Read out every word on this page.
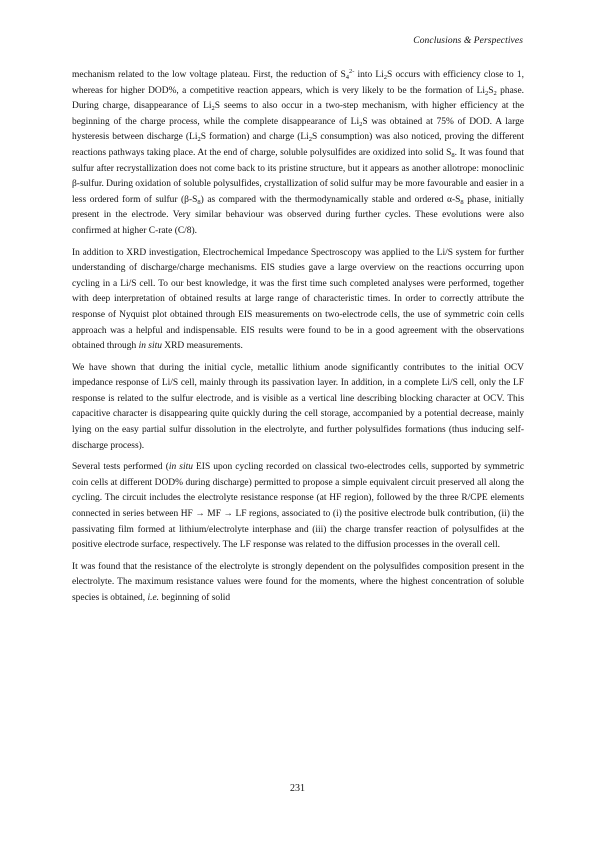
Conclusions & Perspectives

mechanism related to the low voltage plateau. First, the reduction of $S_4^{2-}$ into $Li_2S$ occurs with efficiency close to 1, whereas for higher DOD%, a competitive reaction appears, which is very likely to be the formation of $Li_2S_2$ phase. During charge, disappearance of $Li_2S$ seems to also occur in a two-step mechanism, with higher efficiency at the beginning of the charge process, while the complete disappearance of $Li_2S$ was obtained at 75% of DOD. A large hysteresis between discharge ($Li_2S$ formation) and charge ($Li_2S$ consumption) was also noticed, proving the different reactions pathways taking place. At the end of charge, soluble polysulfides are oxidized into solid $S_8$. It was found that sulfur after recrystallization does not come back to its pristine structure, but it appears as another allotrope: monoclinic β-sulfur. During oxidation of soluble polysulfides, crystallization of solid sulfur may be more favourable and easier in a less ordered form of sulfur $(\beta-S_8)$ as compared with the thermodynamically stable and ordered $\alpha-S_8$ phase, initially present in the electrode. Very similar behaviour was observed during further cycles. These evolutions were also confirmed at higher C-rate (C/8).

In addition to XRD investigation, Electrochemical Impedance Spectroscopy was applied to the Li/S system for further understanding of discharge/charge mechanisms. EIS studies gave a large overview on the reactions occurring upon cycling in a Li/S cell. To our best knowledge, it was the first time such completed analyses were performed, together with deep interpretation of obtained results at large range of characteristic times. In order to correctly attribute the response of Nyquist plot obtained through EIS measurements on two-electrode cells, the use of symmetric coin cells approach was a helpful and indispensable. EIS results were found to be in a good agreement with the observations obtained through in situ XRD measurements.

We have shown that during the initial cycle, metallic lithium anode significantly contributes to the initial OCV impedance response of Li/S cell, mainly through its passivation layer. In addition, in a complete Li/S cell, only the LF response is related to the sulfur electrode, and is visible as a vertical line describing blocking character at OCV. This capacitive character is disappearing quite quickly during the cell storage, accompanied by a potential decrease, mainly lying on the easy partial sulfur dissolution in the electrolyte, and further polysulfides formations (thus inducing self-discharge process).

Several tests performed (in situ EIS upon cycling recorded on classical two-electrodes cells, supported by symmetric coin cells at different DOD% during discharge) permitted to propose a simple equivalent circuit preserved all along the cycling. The circuit includes the electrolyte resistance response (at HF region), followed by the three R/CPE elements connected in series between HF → MF → LF regions, associated to (i) the positive electrode bulk contribution, (ii) the passivating film formed at lithium/electrolyte interphase and (iii) the charge transfer reaction of polysulfides at the positive electrode surface, respectively. The LF response was related to the diffusion processes in the overall cell.

It was found that the resistance of the electrolyte is strongly dependent on the polysulfides composition present in the electrolyte. The maximum resistance values were found for the moments, where the highest concentration of soluble species is obtained, i.e. beginning of solid

231
